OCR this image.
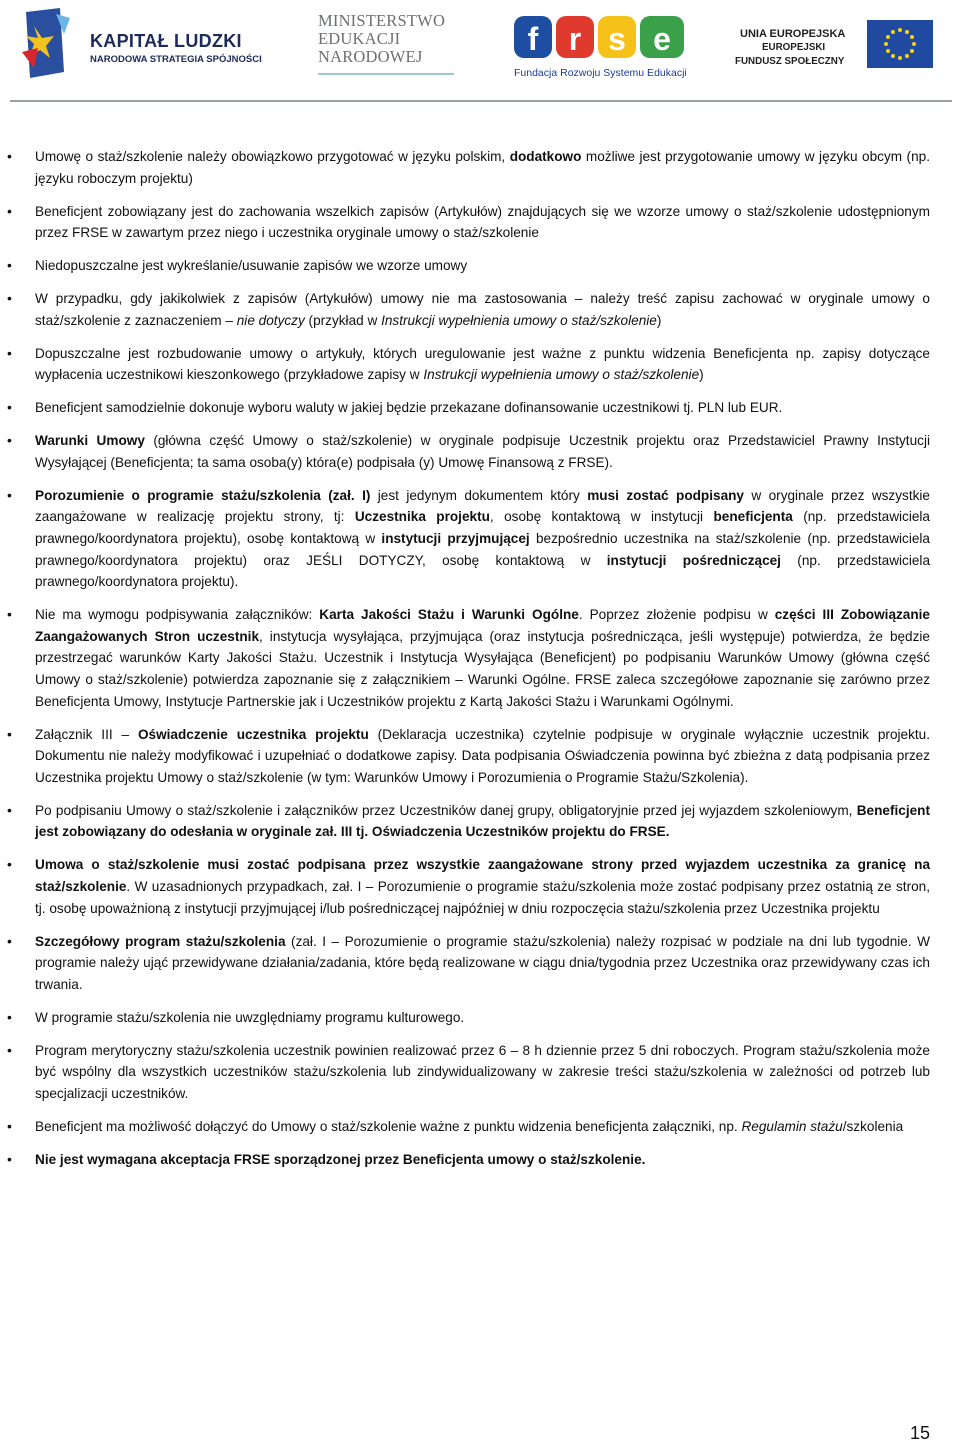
KAPITAŁ LUDZKI
NARODOWA STRATEGIA SPÓJNOŚCI
MINISTERSTWO
EDUKACJI
NARODOWEJ	f r s e
Fundacja Rozwoju Systemu Edukacji
UNIA EUROPEJSKA
EUROPEJSKI
FUNDUSZ SPOŁECZNY
• Umowę o staż/szkolenie należy obowiązkowo przygotować w języku polskim, dodatkowo możliwe jest przygotowanie umowy w języku obcym (np. języku roboczym projektu)
• Beneficjent zobowiązany jest do zachowania wszelkich zapisów (Artykułów) znajdujących się we wzorze umowy o staż/szkolenie udostępnionym przez FRSE w zawartym przez niego i uczestnika oryginale umowy o staż/szkolenie
• Niedopuszczalne jest wykreślanie/usuwanie zapisów we wzorze umowy
• W przypadku, gdy jakikolwiek z zapisów (Artykułów) umowy nie ma zastosowania – należy treść zapisu zachować w oryginale umowy o staż/szkolenie z zaznaczeniem – nie dotyczy (przykład w Instrukcji wypełnienia umowy o staż/szkolenie)
• Dopuszczalne jest rozbudowanie umowy o artykuły, których uregulowanie jest ważne z punktu widzenia Beneficjenta np. zapisy dotyczące wypłacenia uczestnikowi kieszonkowego (przykładowe zapisy w Instrukcji wypełnienia umowy o staż/szkolenie)
• Beneficjent samodzielnie dokonuje wyboru waluty w jakiej będzie przekazane dofinansowanie uczestnikowi tj. PLN lub EUR.
• Warunki Umowy (główna część Umowy o staż/szkolenie) w oryginale podpisuje Uczestnik projektu oraz Przedstawiciel Prawny Instytucji Wysyłającej (Beneficjenta; ta sama osoba(y) która(e) podpisała (y) Umowę Finansową z FRSE).
• Porozumienie o programie stażu/szkolenia (zał. I) jest jedynym dokumentem który musi zostać podpisany w oryginale przez wszystkie zaangażowane w realizację projektu strony, tj: Uczestnika projektu, osobę kontaktową w instytucji beneficjenta (np. przedstawiciela prawnego/koordynatora projektu), osobę kontaktową w instytucji przyjmującej bezpośrednio uczestnika na staż/szkolenie (np. przedstawiciela prawnego/koordynatora projektu) oraz JEŚLI DOTYCZY, osobę kontaktową w instytucji pośredniczącej (np. przedstawiciela prawnego/koordynatora projektu).
• Nie ma wymogu podpisywania załączników: Karta Jakości Stażu i Warunki Ogólne. Poprzez złożenie podpisu w części III Zobowiązanie Zaangażowanych Stron uczestnik, instytucja wysyłająca, przyjmująca (oraz instytucja pośrednicząca, jeśli występuje) potwierdza, że będzie przestrzegać warunków Karty Jakości Stażu. Uczestnik i Instytucja Wysyłająca (Beneficjent) po podpisaniu Warunków Umowy (główna część Umowy o staż/szkolenie) potwierdza zapoznanie się z załącznikiem – Warunki Ogólne. FRSE zaleca szczegółowe zapoznanie się zarówno przez Beneficjenta Umowy, Instytucje Partnerskie jak i Uczestników projektu z Kartą Jakości Stażu i Warunkami Ogólnymi.
• Załącznik III – Oświadczenie uczestnika projektu (Deklaracja uczestnika) czytelnie podpisuje w oryginale wyłącznie uczestnik projektu. Dokumentu nie należy modyfikować i uzupełniać o dodatkowe zapisy. Data podpisania Oświadczenia powinna być zbieżna z datą podpisania przez Uczestnika projektu Umowy o staż/szkolenie (w tym: Warunków Umowy i Porozumienia o Programie Stażu/Szkolenia).
• Po podpisaniu Umowy o staż/szkolenie i załączników przez Uczestników danej grupy, obligatoryjnie przed jej wyjazdem szkoleniowym, Beneficjent jest zobowiązany do odesłania w oryginale zał. III tj. Oświadczenia Uczestników projektu do FRSE.
• Umowa o staż/szkolenie musi zostać podpisana przez wszystkie zaangażowane strony przed wyjazdem uczestnika za granicę na staż/szkolenie. W uzasadnionych przypadkach, zał. I – Porozumienie o programie stażu/szkolenia może zostać podpisany przez ostatnią ze stron, tj. osobę upoważnioną z instytucji przyjmującej i/lub pośredniczącej najpóźniej w dniu rozpoczęcia stażu/szkolenia przez Uczestnika projektu
• Szczegółowy program stażu/szkolenia (zał. I – Porozumienie o programie stażu/szkolenia) należy rozpisać w podziale na dni lub tygodnie. W programie należy ująć przewidywane działania/zadania, które będą realizowane w ciągu dnia/tygodnia przez Uczestnika oraz przewidywany czas ich trwania.
• W programie stażu/szkolenia nie uwzględniamy programu kulturowego.
• Program merytoryczny stażu/szkolenia uczestnik powinien realizować przez 6 – 8 h dziennie przez 5 dni roboczych. Program stażu/szkolenia może być wspólny dla wszystkich uczestników stażu/szkolenia lub zindywidualizowany w zakresie treści stażu/szkolenia w zależności od potrzeb lub specjalizacji uczestników.
• Beneficjent ma możliwość dołączyć do Umowy o staż/szkolenie ważne z punktu widzenia beneficjenta załączniki, np. Regulamin stażu/szkolenia
• Nie jest wymagana akceptacja FRSE sporządzonej przez Beneficjenta umowy o staż/szkolenie.
15
